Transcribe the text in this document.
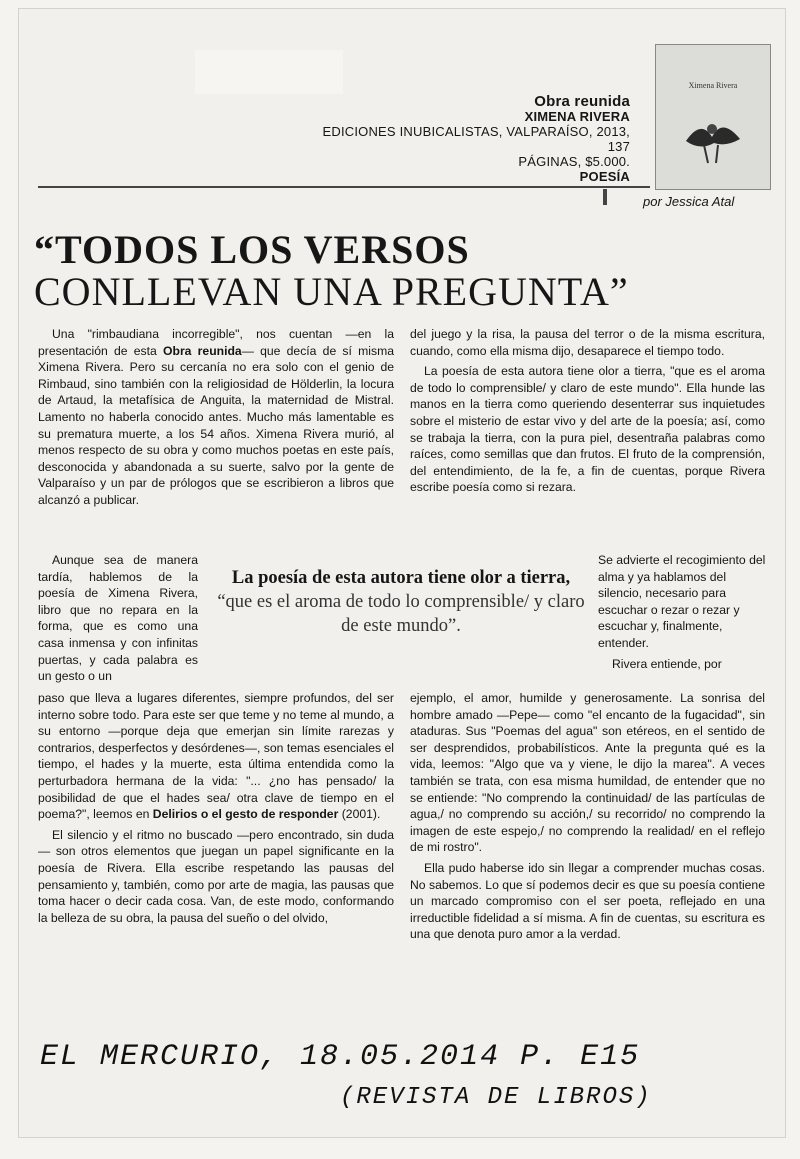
Obra reunida
XIMENA RIVERA
EDICIONES INUBICALISTAS, VALPARAÍSO, 2013, 137
PÁGINAS, $5.000.
POESÍA
Ximena Rivera
por Jessica Atal
“TODOS LOS VERSOS
CONLLEVAN UNA PREGUNTA”

Una "rimbaudiana incorregible", nos cuentan —en la presentación de esta Obra reunida— que decía de sí misma Ximena Rivera. Pero su cercanía no era solo con el genio de Rimbaud, sino también con la religiosidad de Hölderlin, la locura de Artaud, la metafísica de Anguita, la maternidad de Mistral. Lamento no haberla conocido antes. Mucho más lamentable es su prematura muerte, a los 54 años. Ximena Rivera murió, al menos respecto de su obra y como muchos poetas en este país, desconocida y abandonada a su suerte, salvo por la gente de Valparaíso y un par de prólogos que se escribieron a libros que alcanzó a publicar.

Aunque sea de manera tardía, hablemos de la poesía de Ximena Rivera, libro que no repara en la forma, que es como una casa inmensa y con infinitas puertas, y cada palabra es un gesto o un

paso que lleva a lugares diferentes, siempre profundos, del ser interno sobre todo. Para este ser que teme y no teme al mundo, a su entorno —porque deja que emerjan sin límite rarezas y contrarios, desperfectos y desórdenes—, son temas esenciales el tiempo, el hades y la muerte, esta última entendida como la perturbadora hermana de la vida: "... ¿no has pensado/ la posibilidad de que el hades sea/ otra clave de tiempo en el poema?", leemos en Delirios o el gesto de responder (2001).

El silencio y el ritmo no buscado —pero encontrado, sin duda— son otros elementos que juegan un papel significante en la poesía de Rivera. Ella escribe respetando las pausas del pensamiento y, también, como por arte de magia, las pausas que toma hacer o decir cada cosa. Van, de este modo, conformando la belleza de su obra, la pausa del sueño o del olvido,

del juego y la risa, la pausa del terror o de la misma escritura, cuando, como ella misma dijo, desaparece el tiempo todo.

La poesía de esta autora tiene olor a tierra, "que es el aroma de todo lo comprensible/ y claro de este mundo". Ella hunde las manos en la tierra como queriendo desenterrar sus inquietudes sobre el misterio de estar vivo y del arte de la poesía; así, como se trabaja la tierra, con la pura piel, desentraña palabras como raíces, como semillas que dan frutos. El fruto de la comprensión, del entendimiento, de la fe, a fin de cuentas, porque Rivera escribe poesía como si rezara.

Se advierte el recogimiento del alma y ya hablamos del silencio, necesario para escuchar o rezar o rezar y escuchar y, finalmente, entender.

Rivera entiende, por

ejemplo, el amor, humilde y generosamente. La sonrisa del hombre amado —Pepe— como "el encanto de la fugacidad", sin ataduras. Sus "Poemas del agua" son etéreos, en el sentido de ser desprendidos, probabilísticos. Ante la pregunta qué es la vida, leemos: "Algo que va y viene, le dijo la marea". A veces también se trata, con esa misma humildad, de entender que no se entiende: "No comprendo la continuidad/ de las partículas de agua,/ no comprendo su acción,/ su recorrido/ no comprendo la imagen de este espejo,/ no comprendo la realidad/ en el reflejo de mi rostro".

Ella pudo haberse ido sin llegar a comprender muchas cosas. No sabemos. Lo que sí podemos decir es que su poesía contiene un marcado compromiso con el ser poeta, reflejado en una irreductible fidelidad a sí misma. A fin de cuentas, su escritura es una que denota puro amor a la verdad.

La poesía de esta autora tiene olor a tierra, “que es el aroma de todo lo comprensible/ y claro de este mundo”.
EL MERCURIO, 18.05.2014 P. E15
(REVISTA DE LIBROS)
